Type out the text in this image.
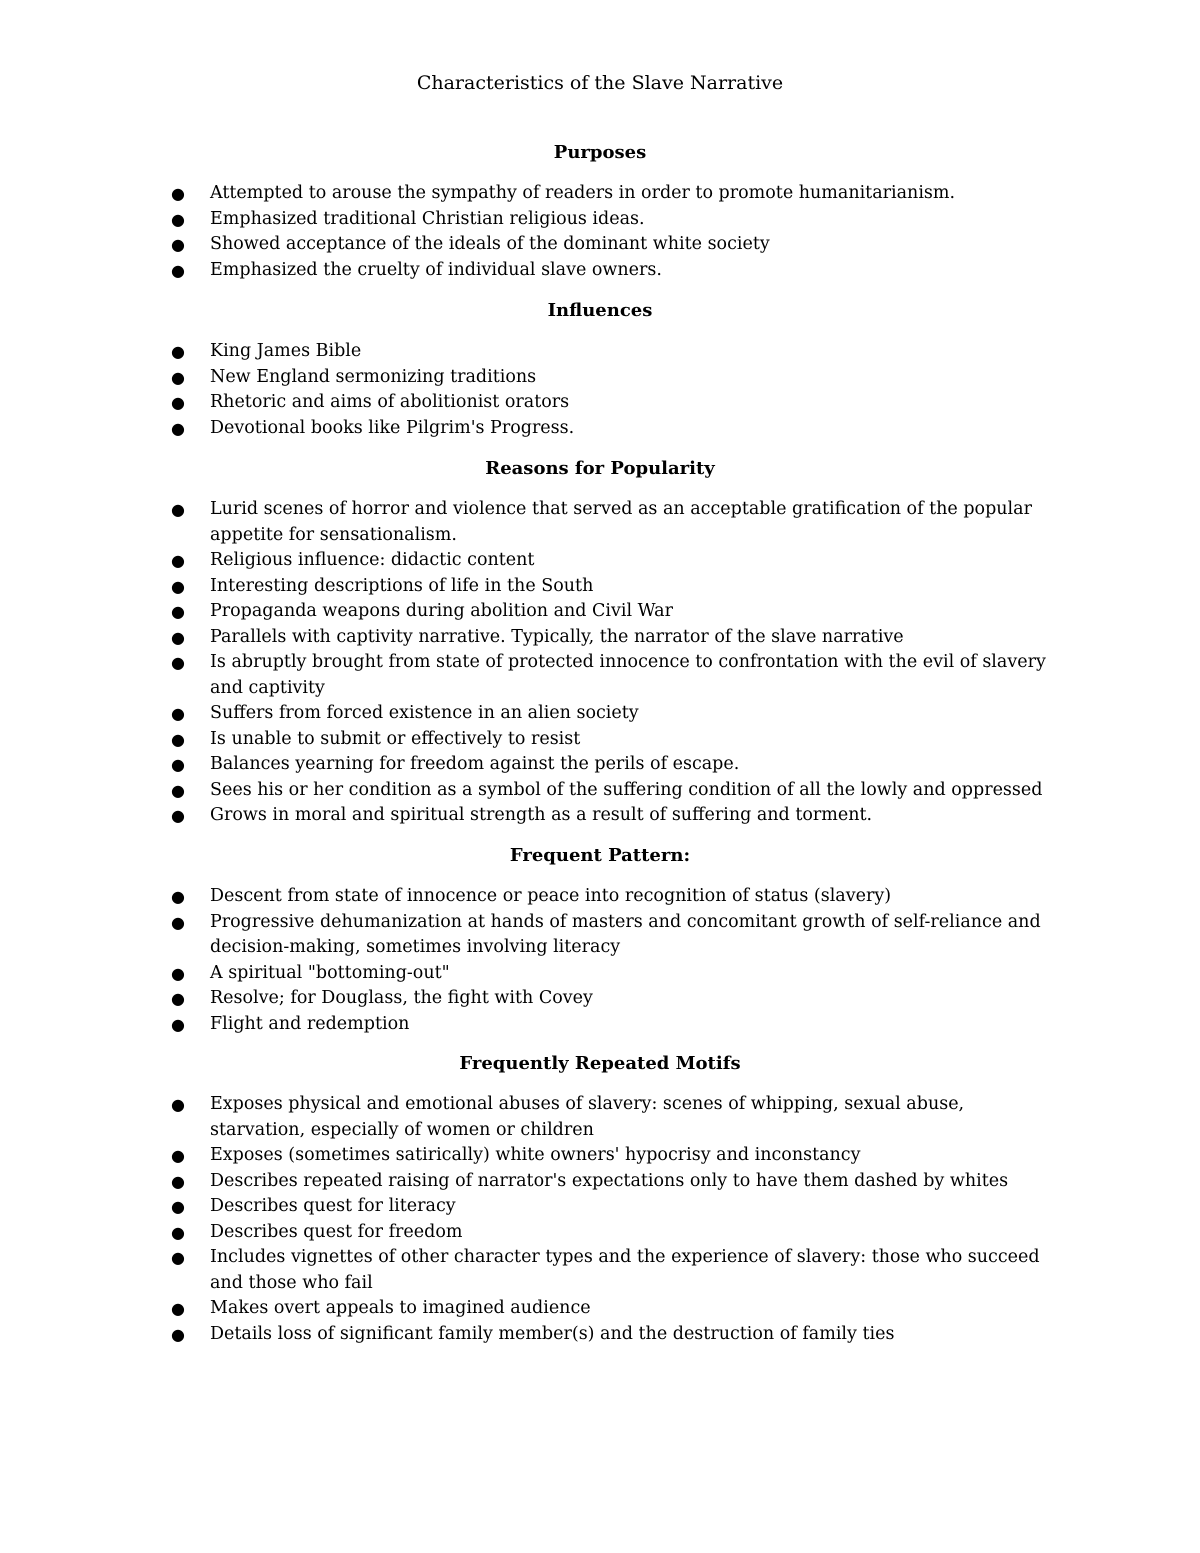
Characteristics of the Slave Narrative
Purposes
● Attempted to arouse the sympathy of readers in order to promote humanitarianism.
● Emphasized traditional Christian religious ideas.
● Showed acceptance of the ideals of the dominant white society
● Emphasized the cruelty of individual slave owners.
Influences
● King James Bible
● New England sermonizing traditions
● Rhetoric and aims of abolitionist orators
● Devotional books like Pilgrim's Progress.
Reasons for Popularity
● Lurid scenes of horror and violence that served as an acceptable gratification of the popular appetite for sensationalism.
● Religious influence: didactic content
● Interesting descriptions of life in the South
● Propaganda weapons during abolition and Civil War
● Parallels with captivity narrative. Typically, the narrator of the slave narrative
● Is abruptly brought from state of protected innocence to confrontation with the evil of slavery and captivity
● Suffers from forced existence in an alien society
● Is unable to submit or effectively to resist
● Balances yearning for freedom against the perils of escape.
● Sees his or her condition as a symbol of the suffering condition of all the lowly and oppressed
● Grows in moral and spiritual strength as a result of suffering and torment.
Frequent Pattern:
● Descent from state of innocence or peace into recognition of status (slavery)
● Progressive dehumanization at hands of masters and concomitant growth of self-reliance and decision-making, sometimes involving literacy
● A spiritual "bottoming-out"
● Resolve; for Douglass, the fight with Covey
● Flight and redemption
Frequently Repeated Motifs
● Exposes physical and emotional abuses of slavery: scenes of whipping, sexual abuse, starvation, especially of women or children
● Exposes (sometimes satirically) white owners' hypocrisy and inconstancy
● Describes repeated raising of narrator's expectations only to have them dashed by whites
● Describes quest for literacy
● Describes quest for freedom
● Includes vignettes of other character types and the experience of slavery: those who succeed and those who fail
● Makes overt appeals to imagined audience
● Details loss of significant family member(s) and the destruction of family ties
